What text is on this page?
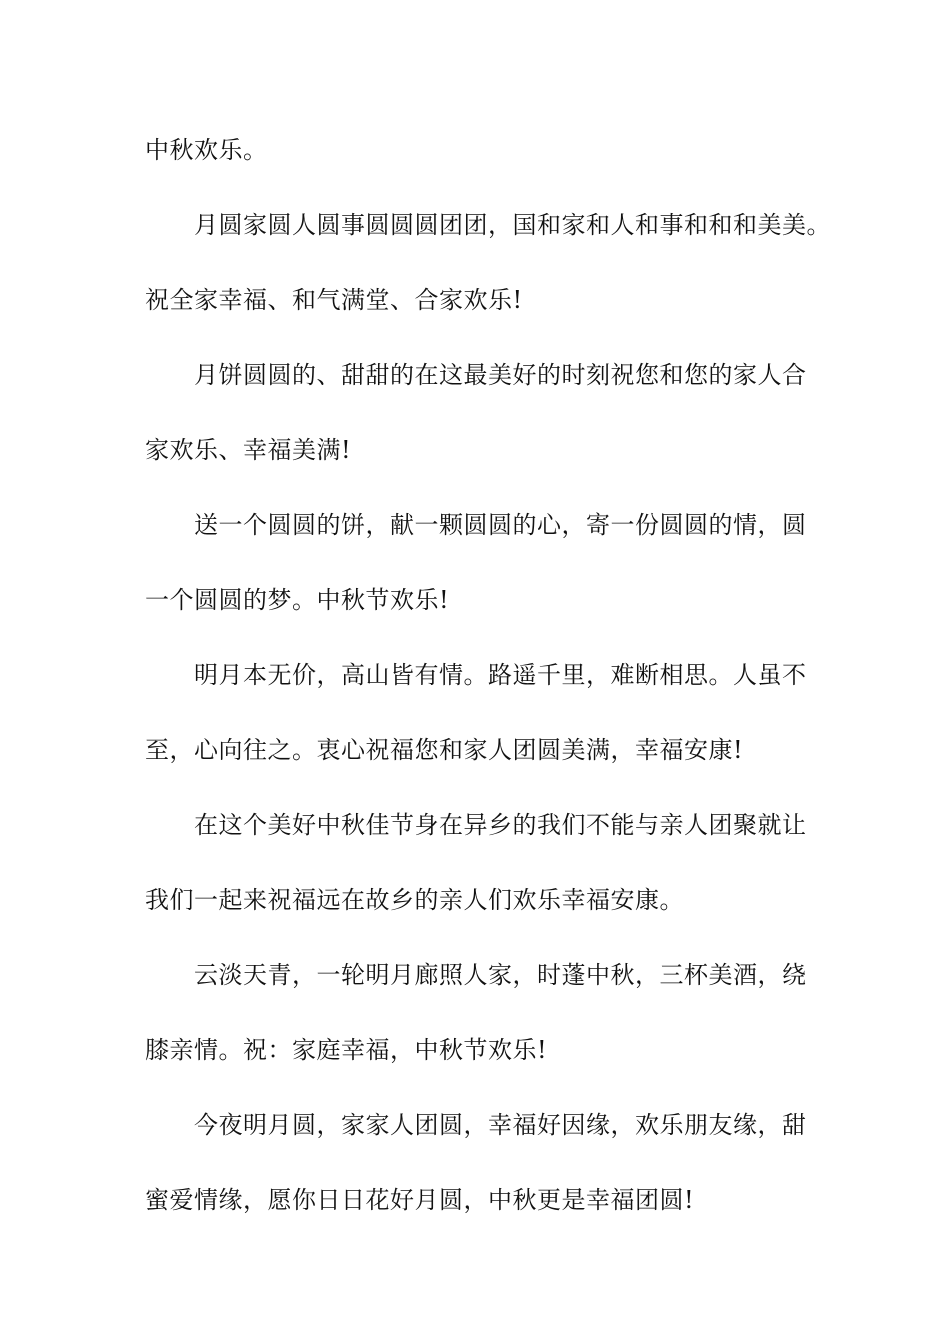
中秋欢乐。
月圆家圆人圆事圆圆圆团团，国和家和人和事和和和美美。
祝全家幸福、和气满堂、合家欢乐!
月饼圆圆的、甜甜的在这最美好的时刻祝您和您的家人合
家欢乐、幸福美满!
送一个圆圆的饼，献一颗圆圆的心，寄一份圆圆的情，圆
一个圆圆的梦。中秋节欢乐!
明月本无价，高山皆有情。路遥千里，难断相思。人虽不
至，心向往之。衷心祝福您和家人团圆美满，幸福安康!
在这个美好中秋佳节身在异乡的我们不能与亲人团聚就让
我们一起来祝福远在故乡的亲人们欢乐幸福安康。
云淡天青，一轮明月廊照人家，时蓬中秋，三杯美酒，绕
膝亲情。祝：家庭幸福，中秋节欢乐!
今夜明月圆，家家人团圆，幸福好因缘，欢乐朋友缘，甜
蜜爱情缘，愿你日日花好月圆，中秋更是幸福团圆!
